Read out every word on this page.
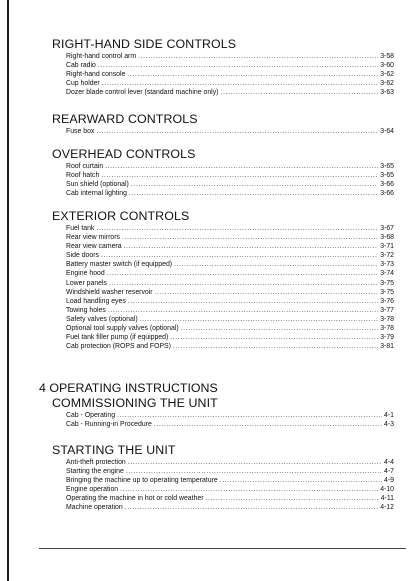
RIGHT-HAND SIDE CONTROLS
Right-hand control arm .....	3-58
Cab radio .....	3-60
Right-hand console .....	3-62
Cup holder .....	3-62
Dozer blade control lever (standard machine only) .....	3-63
REARWARD CONTROLS
Fuse box .....	3-64
OVERHEAD CONTROLS
Roof curtain .....	3-65
Roof hatch .....	3-65
Sun shield (optional) .....	3-66
Cab internal lighting .....	3-66
EXTERIOR CONTROLS
Fuel tank .....	3-67
Rear view mirrors .....	3-68
Rear view camera .....	3-71
Side doors .....	3-72
Battery master switch (if equipped) .....	3-73
Engine hood .....	3-74
Lower panels .....	3-75
Windshield washer reservoir .....	3-75
Load handling eyes .....	3-76
Towing holes .....	3-77
Safety valves (optional) .....	3-78
Optional tool supply valves (optional) .....	3-78
Fuel tank filler pump (if equipped) .....	3-79
Cab protection (ROPS and FOPS) .....	3-81
4 OPERATING INSTRUCTIONS
COMMISSIONING THE UNIT
Cab - Operating .....	4-1
Cab - Running-in Procedure .....	4-3
STARTING THE UNIT
Anti-theft protection .....	4-4
Starting the engine .....	4-7
Bringing the machine up to operating temperature .....	4-9
Engine operation .....	4-10
Operating the machine in hot or cold weather .....	4-11
Machine operation .....	4-12
